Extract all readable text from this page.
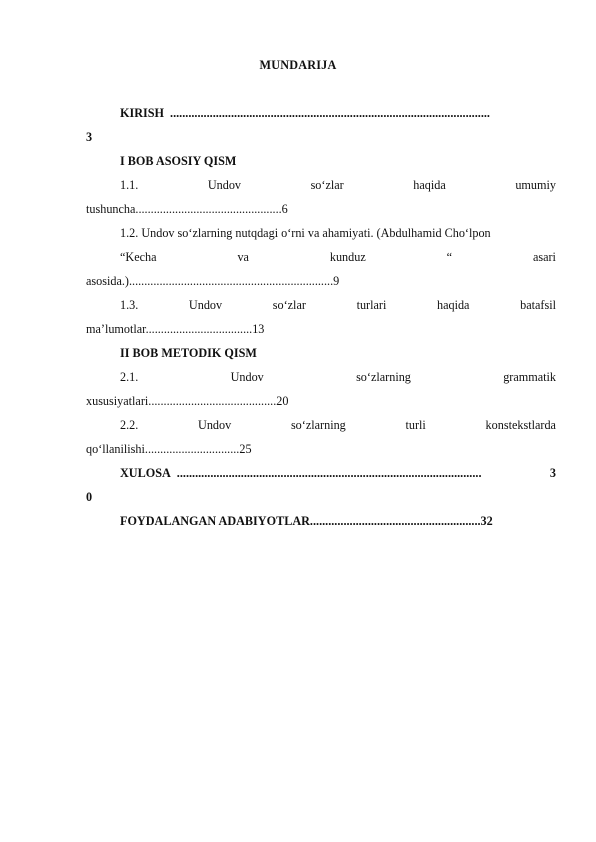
MUNDARIJA
KIRISH .........................................................................................................
3
I BOB ASOSIY QISM
1.1.	Undov	so‘zlar	haqida	umumiy
tushuncha................................................6
1.2. Undov so‘zlarning nutqdagi o‘rni va ahamiyati. (Abdulhamid Cho‘lpon
“Kecha	va	kunduz	“	asari
asosida.)...................................................................9
1.3.	Undov	so‘zlar	turlari	haqida	batafsil
ma’lumotlar...................................13
II BOB METODIK QISM
2.1.	Undov	so‘zlarning	grammatik
xususiyatlari..........................................20
2.2.	Undov	so‘zlarning	turli	konstekstlarda
qo‘llanilishi...............................25
XULOSA ....................................................................................................	3
0
FOYDALANGAN ADABIYOTLAR........................................................32
